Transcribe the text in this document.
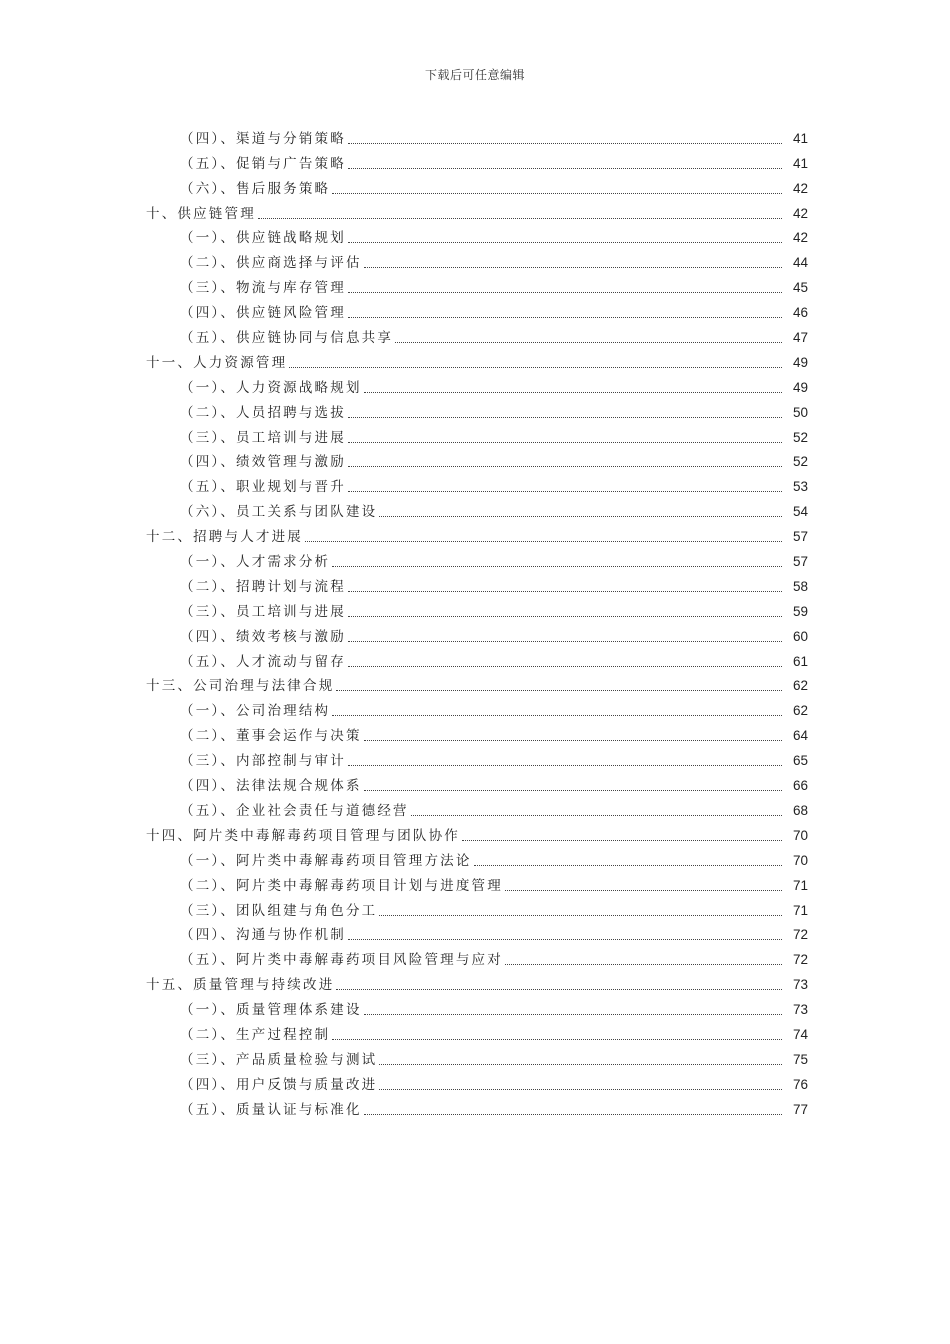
下载后可任意编辑
（四）、渠道与分销策略	41
（五）、促销与广告策略	41
（六）、售后服务策略	42
十、供应链管理	42
（一）、供应链战略规划	42
（二）、供应商选择与评估	44
（三）、物流与库存管理	45
（四）、供应链风险管理	46
（五）、供应链协同与信息共享	47
十一、人力资源管理	49
（一）、人力资源战略规划	49
（二）、人员招聘与选拔	50
（三）、员工培训与进展	52
（四）、绩效管理与激励	52
（五）、职业规划与晋升	53
（六）、员工关系与团队建设	54
十二、招聘与人才进展	57
（一）、人才需求分析	57
（二）、招聘计划与流程	58
（三）、员工培训与进展	59
（四）、绩效考核与激励	60
（五）、人才流动与留存	61
十三、公司治理与法律合规	62
（一）、公司治理结构	62
（二）、董事会运作与决策	64
（三）、内部控制与审计	65
（四）、法律法规合规体系	66
（五）、企业社会责任与道德经营	68
十四、阿片类中毒解毒药项目管理与团队协作	70
（一）、阿片类中毒解毒药项目管理方法论	70
（二）、阿片类中毒解毒药项目计划与进度管理	71
（三）、团队组建与角色分工	71
（四）、沟通与协作机制	72
（五）、阿片类中毒解毒药项目风险管理与应对	72
十五、质量管理与持续改进	73
（一）、质量管理体系建设	73
（二）、生产过程控制	74
（三）、产品质量检验与测试	75
（四）、用户反馈与质量改进	76
（五）、质量认证与标准化	77
